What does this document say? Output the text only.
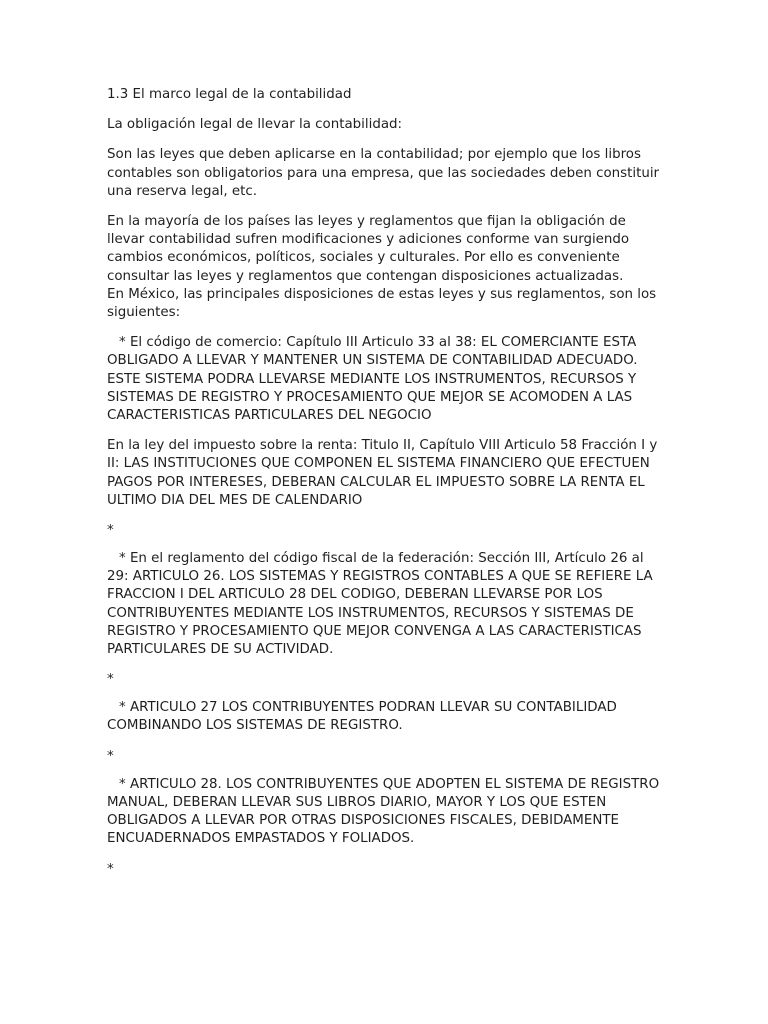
1.3 El marco legal de la contabilidad

La obligación legal de llevar la contabilidad:

Son las leyes que deben aplicarse en la contabilidad; por ejemplo que los libros contables son obligatorios para una empresa, que las sociedades deben constituir una reserva legal, etc.

En la mayoría de los países las leyes y reglamentos que fijan la obligación de llevar contabilidad sufren modificaciones y adiciones conforme van surgiendo cambios económicos, políticos, sociales y culturales. Por ello es conveniente consultar las leyes y reglamentos que contengan disposiciones actualizadas.

En México, las principales disposiciones de estas leyes y sus reglamentos, son los siguientes:

* El código de comercio: Capítulo III Articulo 33 al 38: EL COMERCIANTE ESTA OBLIGADO A LLEVAR Y MANTENER UN SISTEMA DE CONTABILIDAD ADECUADO. ESTE SISTEMA PODRA LLEVARSE MEDIANTE LOS INSTRUMENTOS, RECURSOS Y SISTEMAS DE REGISTRO Y PROCESAMIENTO QUE MEJOR SE ACOMODEN A LAS CARACTERISTICAS PARTICULARES DEL NEGOCIO

En la ley del impuesto sobre la renta: Titulo II, Capítulo VIII Articulo 58 Fracción I y II: LAS INSTITUCIONES QUE COMPONEN EL SISTEMA FINANCIERO QUE EFECTUEN PAGOS POR INTERESES, DEBERAN CALCULAR EL IMPUESTO SOBRE LA RENTA EL ULTIMO DIA DEL MES DE CALENDARIO

*

* En el reglamento del código fiscal de la federación: Sección III, Artículo 26 al 29: ARTICULO 26. LOS SISTEMAS Y REGISTROS CONTABLES A QUE SE REFIERE LA FRACCION I DEL ARTICULO 28 DEL CODIGO, DEBERAN LLEVARSE POR LOS CONTRIBUYENTES MEDIANTE LOS INSTRUMENTOS, RECURSOS Y SISTEMAS DE REGISTRO Y PROCESAMIENTO QUE MEJOR CONVENGA A LAS CARACTERISTICAS PARTICULARES DE SU ACTIVIDAD.

*

* ARTICULO 27 LOS CONTRIBUYENTES PODRAN LLEVAR SU CONTABILIDAD COMBINANDO LOS SISTEMAS DE REGISTRO.

*

* ARTICULO 28. LOS CONTRIBUYENTES QUE ADOPTEN EL SISTEMA DE REGISTRO MANUAL, DEBERAN LLEVAR SUS LIBROS DIARIO, MAYOR Y LOS QUE ESTEN OBLIGADOS A LLEVAR POR OTRAS DISPOSICIONES FISCALES, DEBIDAMENTE ENCUADERNADOS EMPASTADOS Y FOLIADOS.

*
